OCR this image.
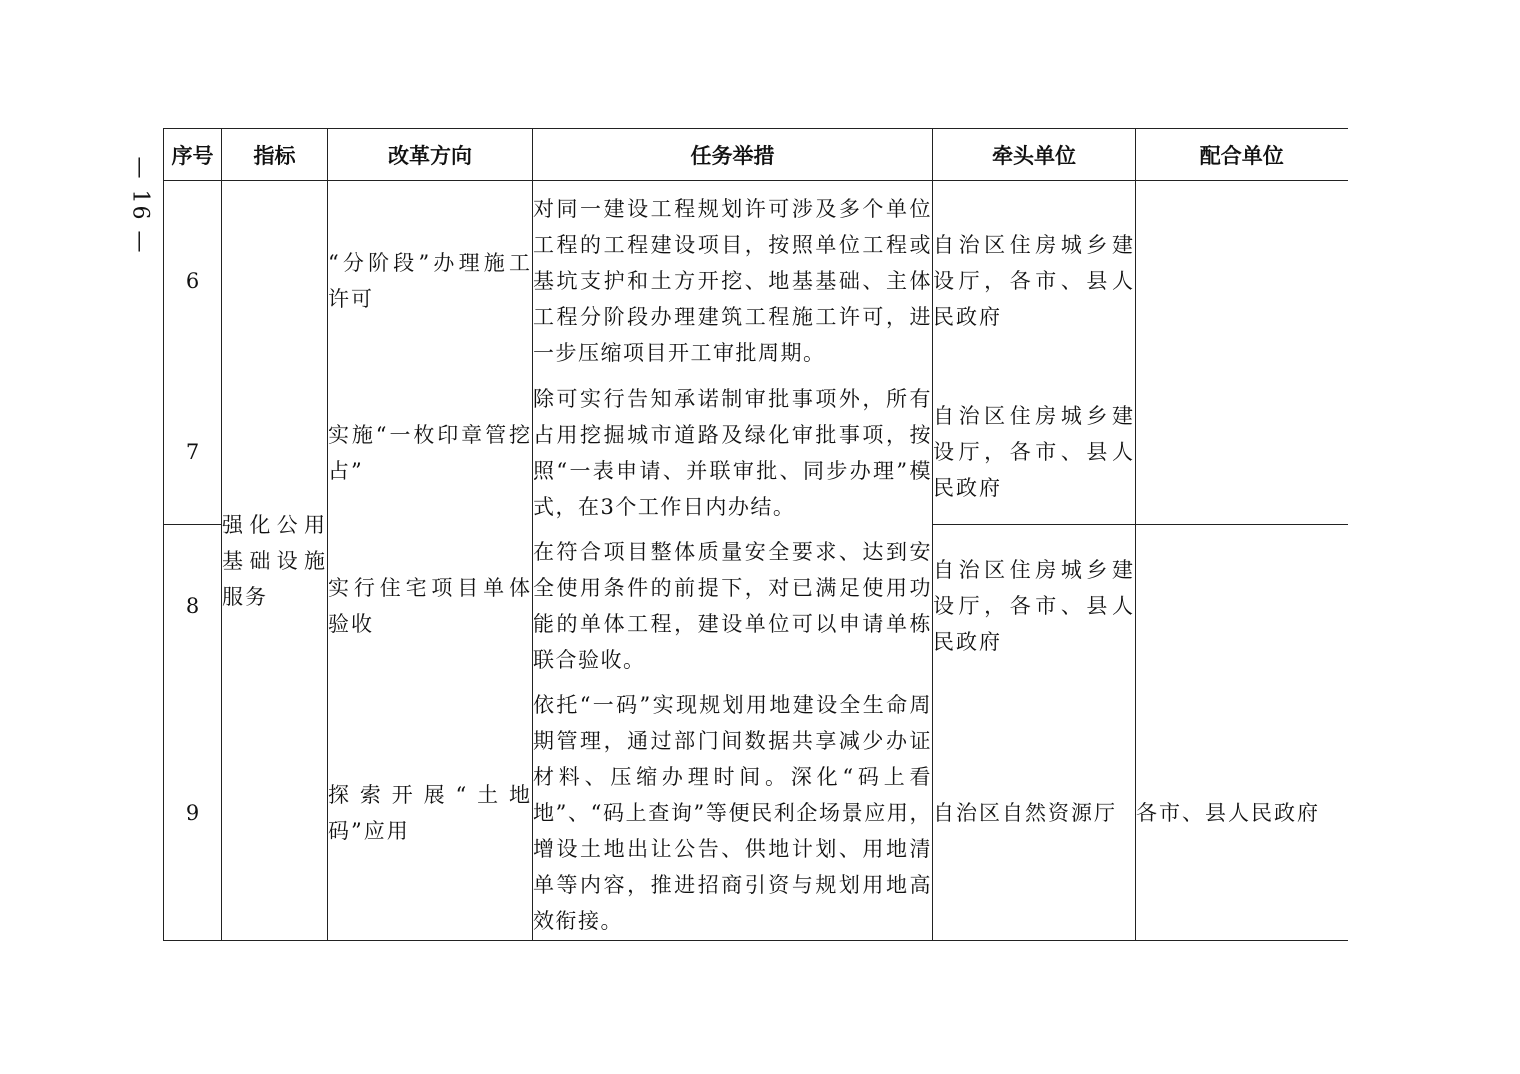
— 16 —
序号	指标	改革方向	任务举措	牵头单位	配合单位
6	强化公用基础设施服务	“分阶段”办理施工许可	对同一建设工程规划许可涉及多个单位工程的工程建设项目，按照单位工程或基坑支护和土方开挖、地基基础、主体工程分阶段办理建筑工程施工许可，进一步压缩项目开工审批周期。	自治区住房城乡建设厅，各市、县人民政府	

7		实施“一枚印章管挖占”	除可实行告知承诺制审批事项外，所有占用挖掘城市道路及绿化审批事项，按照“一表申请、并联审批、同步办理”模式，在3个工作日内办结。	自治区住房城乡建设厅，各市、县人民政府	

8		实行住宅项目单体验收	在符合项目整体质量安全要求、达到安全使用条件的前提下，对已满足使用功能的单体工程，建设单位可以申请单栋联合验收。	自治区住房城乡建设厅，各市、县人民政府	

9		探索开展“土地码”应用	依托“一码”实现规划用地建设全生命周期管理，通过部门间数据共享减少办证材料、压缩办理时间。深化“码上看地”、“码上查询”等便民利企场景应用，增设土地出让公告、供地计划、用地清单等内容，推进招商引资与规划用地高效衔接。	自治区自然资源厅	各市、县人民政府
